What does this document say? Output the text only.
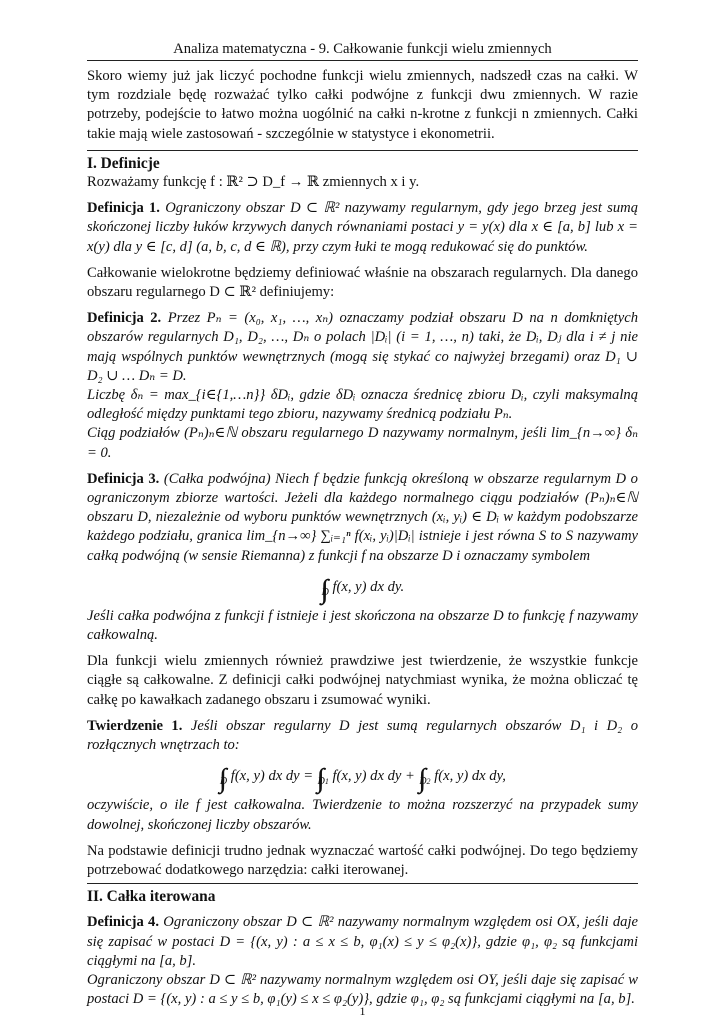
Analiza matematyczna - 9. Całkowanie funkcji wielu zmiennych

Skoro wiemy już jak liczyć pochodne funkcji wielu zmiennych, nadszedł czas na całki. W tym rozdziale będę rozważać tylko całki podwójne z funkcji dwu zmiennych. W razie potrzeby, podejście to łatwo można uogólnić na całki n-krotne z funkcji n zmiennych. Całki takie mają wiele zastosowań - szczególnie w statystyce i ekonometrii.

I. Definicje

Rozważamy funkcję f : ℝ² ⊃ D_f → ℝ zmiennych x i y.

Definicja 1. Ograniczony obszar D ⊂ ℝ² nazywamy regularnym, gdy jego brzeg jest sumą skończonej liczby łuków krzywych danych równaniami postaci y = y(x) dla x ∈ [a, b] lub x = x(y) dla y ∈ [c, d] (a, b, c, d ∈ ℝ), przy czym łuki te mogą redukować się do punktów.

Całkowanie wielokrotne będziemy definiować właśnie na obszarach regularnych. Dla danego obszaru regularnego D ⊂ ℝ² definiujemy:

Definicja 2. Przez Pₙ = (x₀, x₁, …, xₙ) oznaczamy podział obszaru D na n domkniętych obszarów regularnych D₁, D₂, …, Dₙ o polach |Dᵢ| (i = 1, …, n) taki, że Dᵢ, Dⱼ dla i ≠ j nie mają wspólnych punktów wewnętrznych (mogą się stykać co najwyżej brzegami) oraz D₁ ∪ D₂ ∪ … Dₙ = D.

Liczbę δₙ = max_{i∈{1,…n}} δDᵢ, gdzie δDᵢ oznacza średnicę zbioru Dᵢ, czyli maksymalną odległość między punktami tego zbioru, nazywamy średnicą podziału Pₙ.

Ciąg podziałów (Pₙ)ₙ∈ℕ obszaru regularnego D nazywamy normalnym, jeśli lim_{n→∞} δₙ = 0.

Definicja 3. (Całka podwójna) Niech f będzie funkcją określoną w obszarze regularnym D o ograniczonym zbiorze wartości. Jeżeli dla każdego normalnego ciągu podziałów (Pₙ)ₙ∈ℕ obszaru D, niezależnie od wyboru punktów wewnętrznych (xᵢ, yᵢ) ∈ Dᵢ w każdym podobszarze każdego podziału, granica lim_{n→∞} ∑ᵢ₌₁ⁿ f(xᵢ, yᵢ)|Dᵢ| istnieje i jest równa S to S nazywamy całką podwójną (w sensie Riemanna) z funkcji f na obszarze D i oznaczamy symbolem

$\int\int_D$ f(x, y) dx dy.

Jeśli całka podwójna z funkcji f istnieje i jest skończona na obszarze D to funkcję f nazywamy całkowalną.

Dla funkcji wielu zmiennych również prawdziwe jest twierdzenie, że wszystkie funkcje ciągłe są całkowalne. Z definicji całki podwójnej natychmiast wynika, że można obliczać tę całkę po kawałkach zadanego obszaru i zsumować wyniki.

Twierdzenie 1. Jeśli obszar regularny D jest sumą regularnych obszarów D₁ i D₂ o rozłącznych wnętrzach to:

$\int\int_D$ f(x, y) dx dy = $\int\int_{D1}$ f(x, y) dx dy + $\int\int_{D2}$ f(x, y) dx dy,

oczywiście, o ile f jest całkowalna. Twierdzenie to można rozszerzyć na przypadek sumy dowolnej, skończonej liczby obszarów.

Na podstawie definicji trudno jednak wyznaczać wartość całki podwójnej. Do tego będziemy potrzebować dodatkowego narzędzia: całki iterowanej.

II. Całka iterowana

Definicja 4. Ograniczony obszar D ⊂ ℝ² nazywamy normalnym względem osi OX, jeśli daje się zapisać w postaci D = {(x, y) : a ≤ x ≤ b, φ₁(x) ≤ y ≤ φ₂(x)}, gdzie φ₁, φ₂ są funkcjami ciągłymi na [a, b].

Ograniczony obszar D ⊂ ℝ² nazywamy normalnym względem osi OY, jeśli daje się zapisać w postaci D = {(x, y) : a ≤ y ≤ b, φ₁(y) ≤ x ≤ φ₂(y)}, gdzie φ₁, φ₂ są funkcjami ciągłymi na [a, b].

1
